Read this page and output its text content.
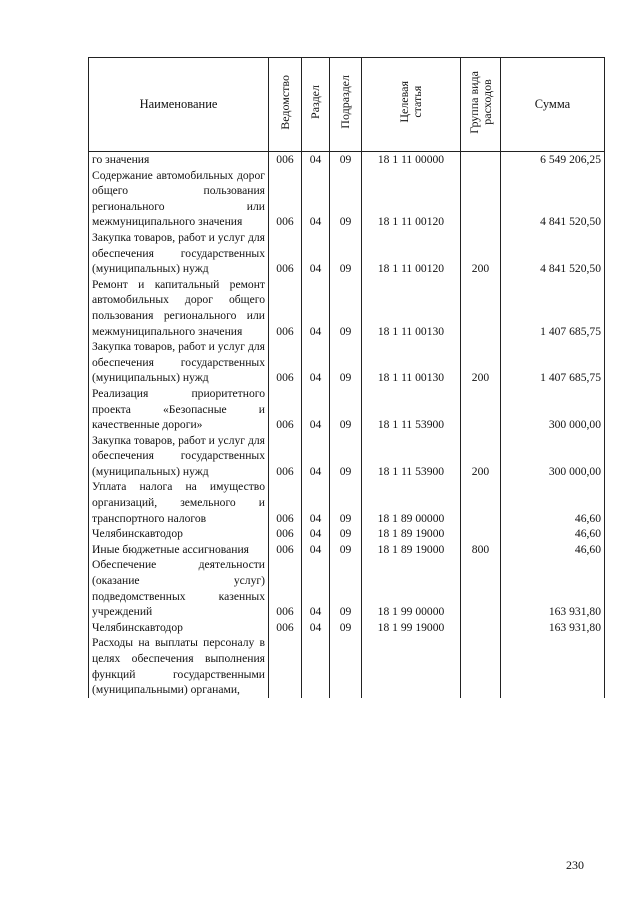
Наименование	Ведомство	Раздел	Подраздел	Целевая
статья	Группа вида
расходов	Сумма
го значения	006	04	09	18 1 11 00000		6 549 206,25
Содержание автомобильных дорог общего пользования регионального или межмуниципального значения	006	04	09	18 1 11 00120		4 841 520,50
Закупка товаров, работ и услуг для обеспечения государственных (муниципальных) нужд	006	04	09	18 1 11 00120	200	4 841 520,50
Ремонт и капитальный ремонт автомобильных дорог общего пользования регионального или межмуниципального значения	006	04	09	18 1 11 00130		1 407 685,75
Закупка товаров, работ и услуг для обеспечения государственных (муниципальных) нужд	006	04	09	18 1 11 00130	200	1 407 685,75
Реализация приоритетного проекта «Безопасные и качественные дороги»	006	04	09	18 1 11 53900		300 000,00
Закупка товаров, работ и услуг для обеспечения государственных (муниципальных) нужд	006	04	09	18 1 11 53900	200	300 000,00
Уплата налога на имущество организаций, земельного и транспортного налогов	006	04	09	18 1 89 00000		46,60
Челябинскавтодор	006	04	09	18 1 89 19000		46,60
Иные бюджетные ассигнования	006	04	09	18 1 89 19000	800	46,60
Обеспечение деятельности (оказание услуг) подведомственных казенных учреждений	006	04	09	18 1 99 00000		163 931,80
Челябинскавтодор	006	04	09	18 1 99 19000		163 931,80
Расходы на выплаты персоналу в целях обеспечения выполнения функций государственными (муниципальными) органами,						
230
